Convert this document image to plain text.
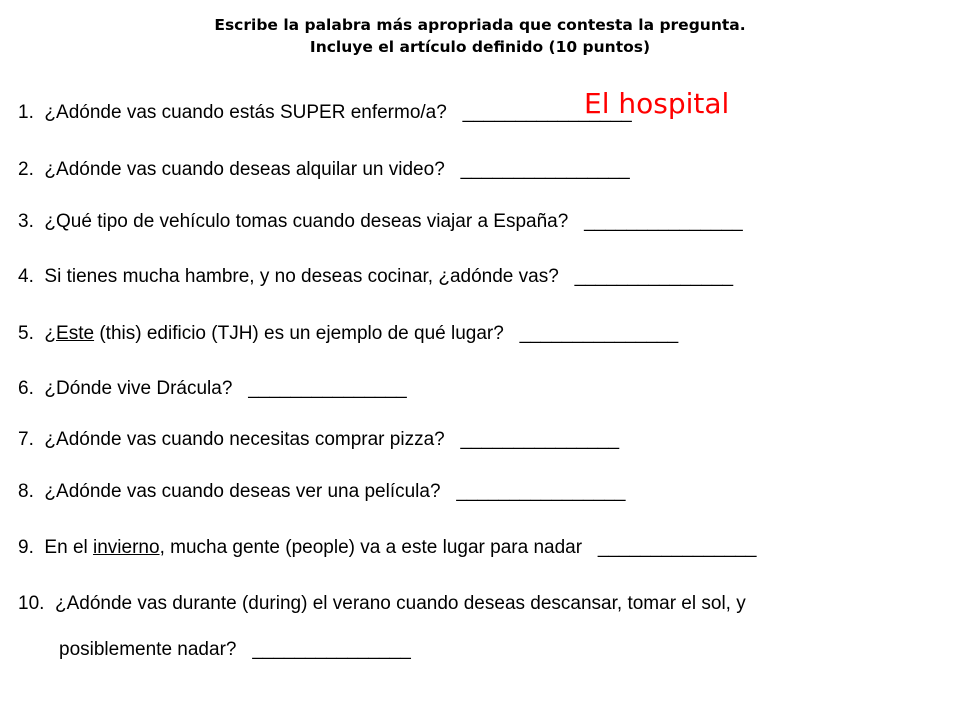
Escribe la palabra más apropriada que contesta la pregunta.
Incluye el artículo definido (10 puntos)
1. ¿Adónde vas cuando estás SUPER enfermo/a? ________________
El hospital
2. ¿Adónde vas cuando deseas alquilar un video? ________________
3. ¿Qué tipo de vehículo tomas cuando deseas viajar a España? _______________
4. Si tienes mucha hambre, y no deseas cocinar, ¿adónde vas? _______________
5. ¿Este (this) edificio (TJH) es un ejemplo de qué lugar? _______________
6. ¿Dónde vive Drácula? _______________
7. ¿Adónde vas cuando necesitas comprar pizza? _______________
8. ¿Adónde vas cuando deseas ver una película? ________________
9. En el invierno, mucha gente (people) va a este lugar para nadar _______________
10. ¿Adónde vas durante (during) el verano cuando deseas descansar, tomar el sol, y
posiblemente nadar? _______________
